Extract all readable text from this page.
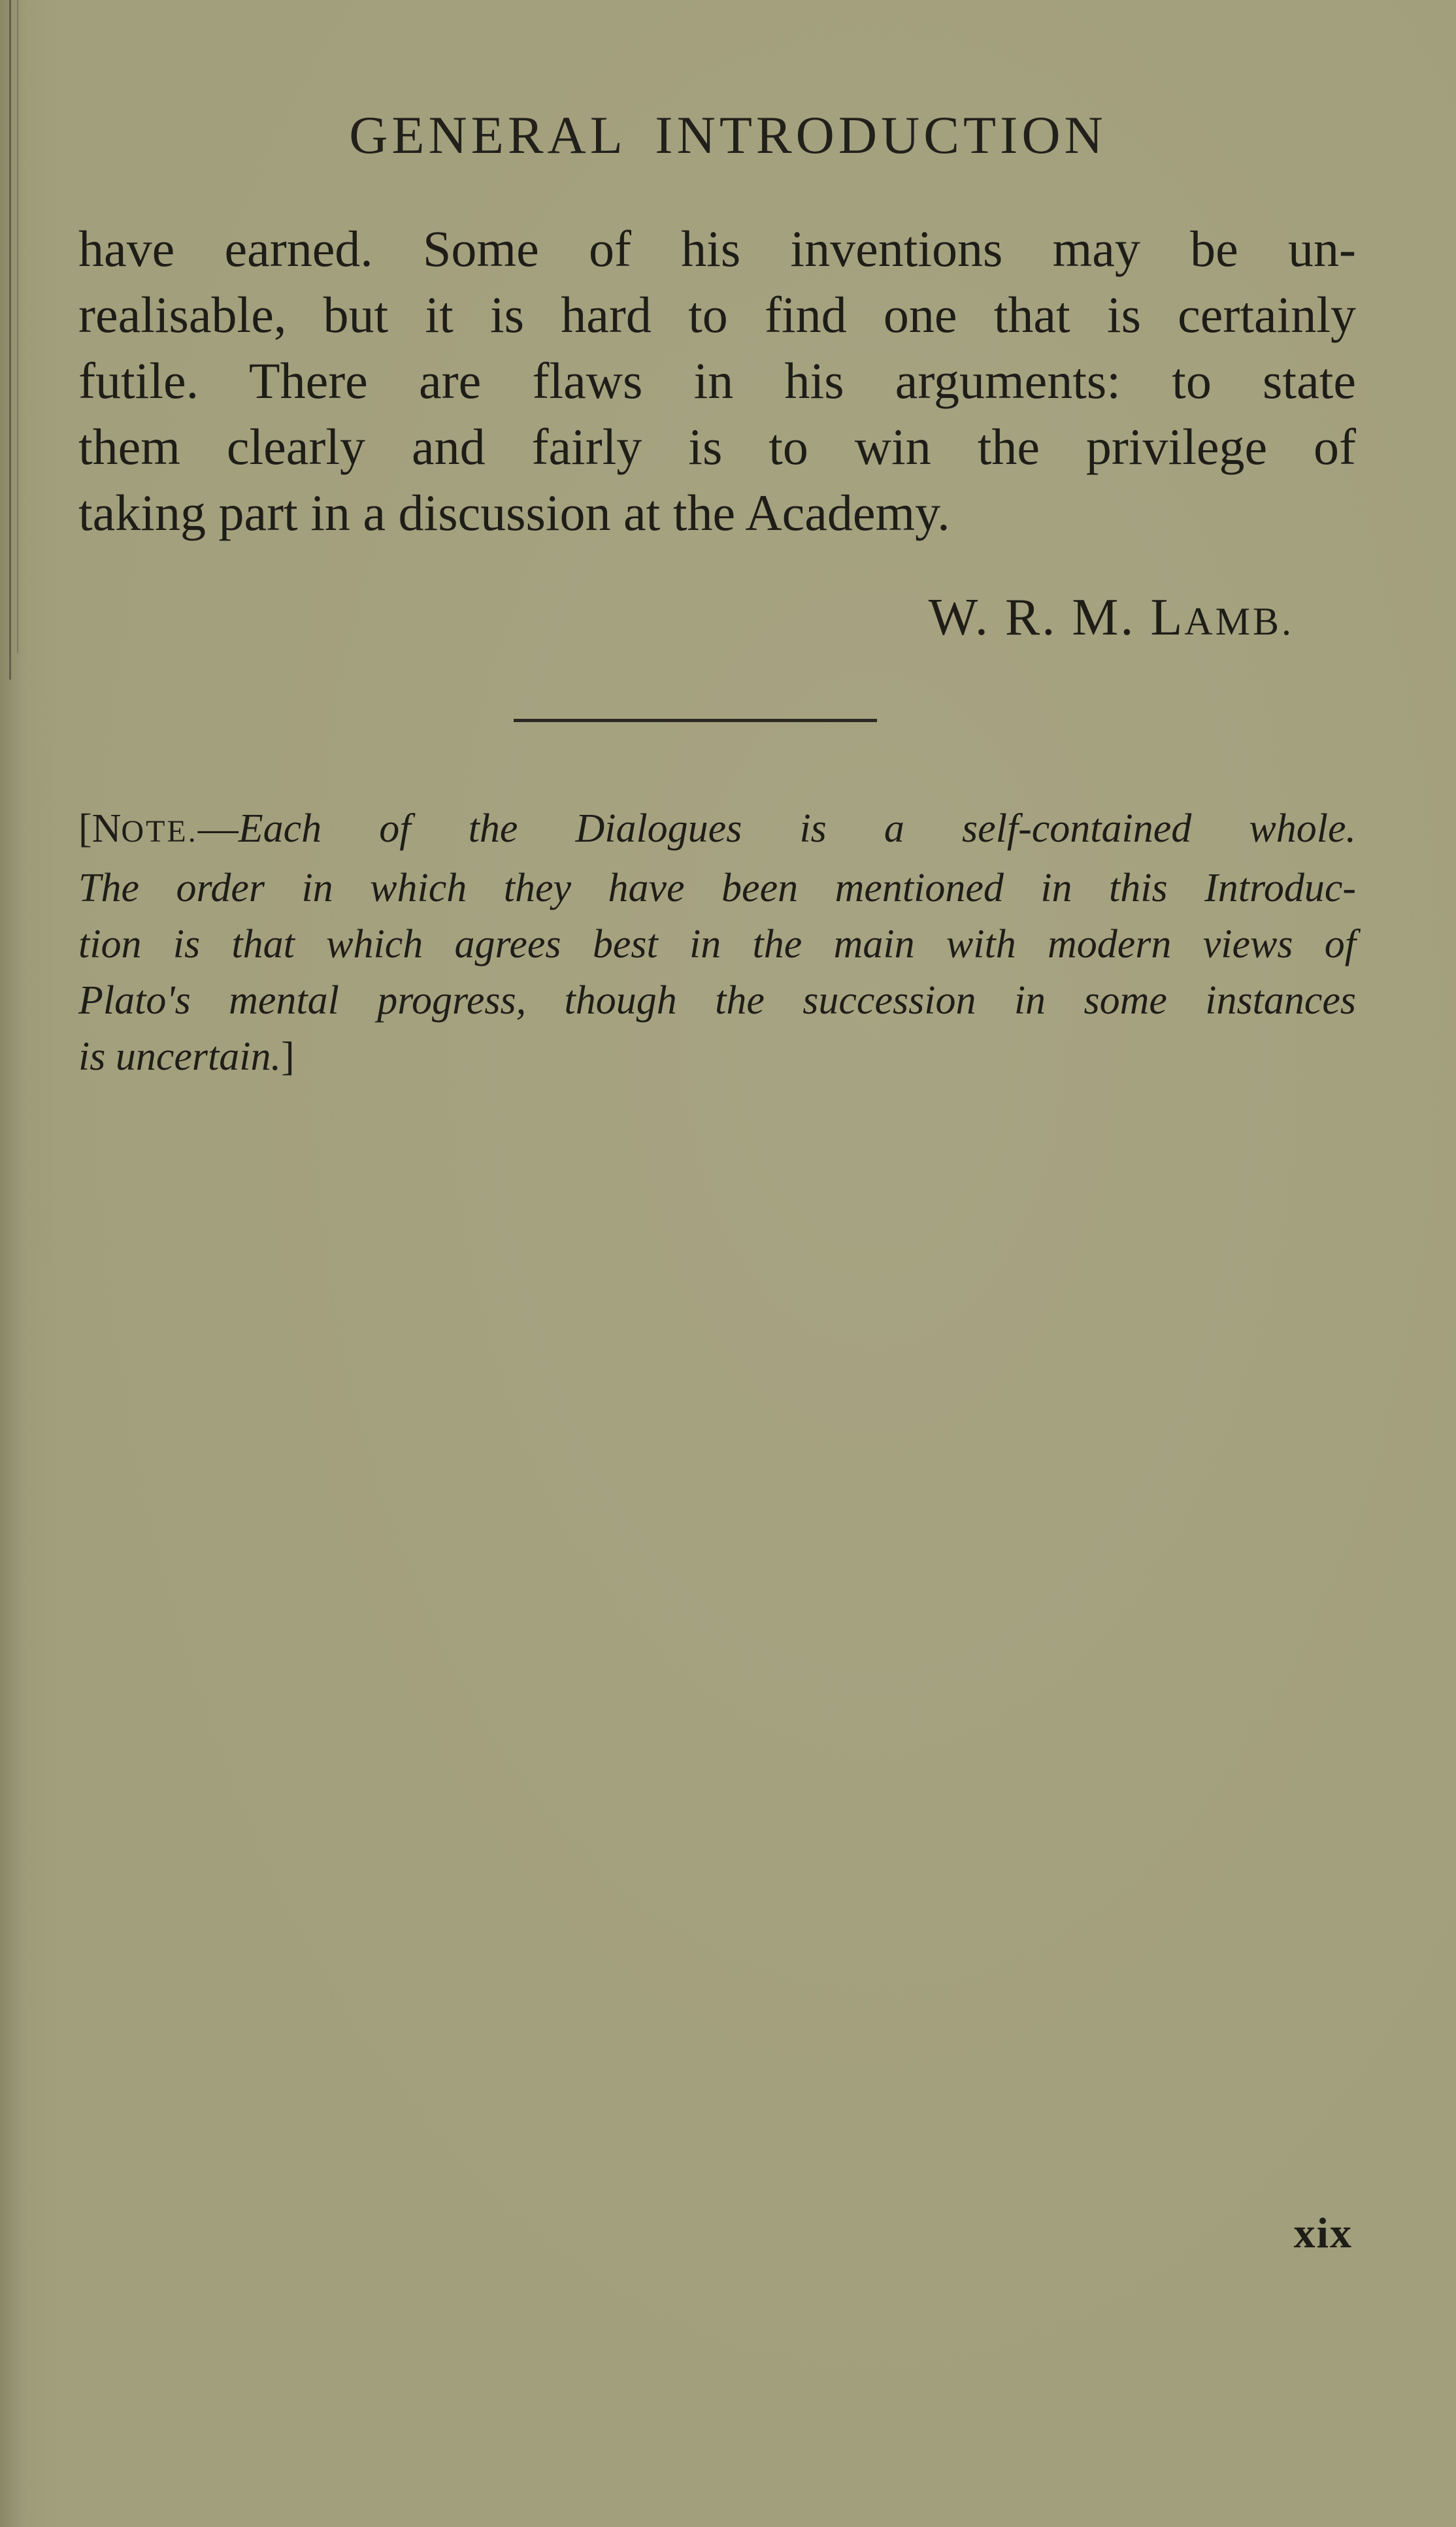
GENERAL INTRODUCTION
have earned. Some of his inventions may be un-
realisable, but it is hard to find one that is certainly
futile. There are flaws in his arguments: to state
them clearly and fairly is to win the privilege of
taking part in a discussion at the Academy.
W. R. M. LAMB.
[NOTE.—Each of the Dialogues is a self-contained whole.
The order in which they have been mentioned in this Introduc-
tion is that which agrees best in the main with modern views of
Plato's mental progress, though the succession in some instances
is uncertain.]
xix
